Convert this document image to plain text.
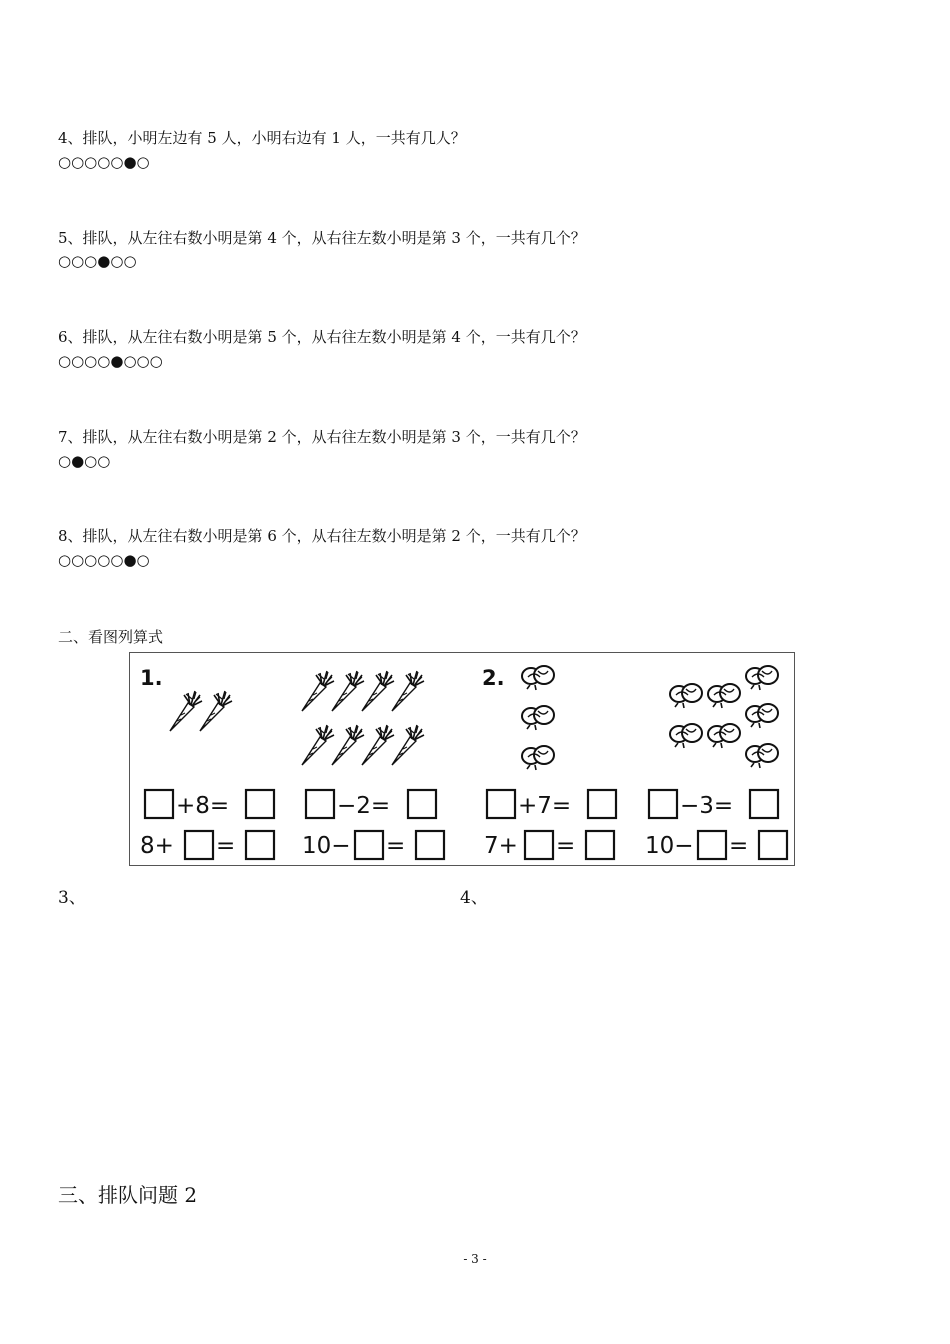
4、排队，小明左边有 5 人，小明右边有 1 人，一共有几人？
○○○○○●○
5、排队，从左往右数小明是第 4 个，从右往左数小明是第 3 个，一共有几个？
○○○●○○
6、排队，从左往右数小明是第 5 个，从右往左数小明是第 4 个，一共有几个？
○○○○●○○○
7、排队，从左往右数小明是第 2 个，从右往左数小明是第 3 个，一共有几个？
○●○○
8、排队，从左往右数小明是第 6 个，从右往左数小明是第 2 个，一共有几个？
○○○○○●○
二、看图列算式
1.	2.
+8=	−2=	+7=	−3=
8+ =	10− =	7+ =	10− =
3、	4、
三、排队问题 2
- 3 -
